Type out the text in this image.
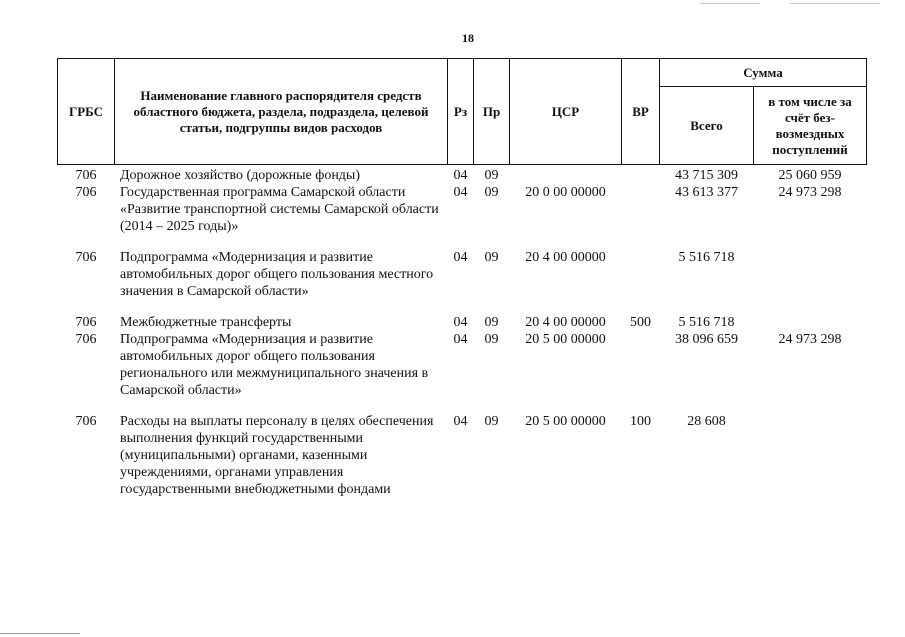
18
ГРБС	Наименование главного распорядителя средств областного бюджета, раздела, подраздела, целевой статьи, подгруппы видов расходов	Рз	Пр	ЦСР	ВР	Сумма	
						Всего	в том числе за счёт без-возмездных поступлений
706	Дорожное хозяйство (дорожные фонды)	04	09			43 715 309	25 060 959
706	Государственная программа Самарской области «Развитие транспортной системы Самарской области (2014 – 2025 годы)»	04	09	20 0 00 00000		43 613 377	24 973 298
706	Подпрограмма «Модернизация и развитие автомобильных дорог общего пользования местного значения в Самарской области»	04	09	20 4 00 00000		5 516 718	
706	Межбюджетные трансферты	04	09	20 4 00 00000	500	5 516 718	
706	Подпрограмма «Модернизация и развитие автомобильных дорог общего пользования регионального или межмуниципального значения в Самарской области»	04	09	20 5 00 00000		38 096 659	24 973 298
706	Расходы на выплаты персоналу в целях обеспечения выполнения функций государственными (муниципальными) органами, казенными учреждениями, органами управления государственными внебюджетными фондами	04	09	20 5 00 00000	100	28 608	
